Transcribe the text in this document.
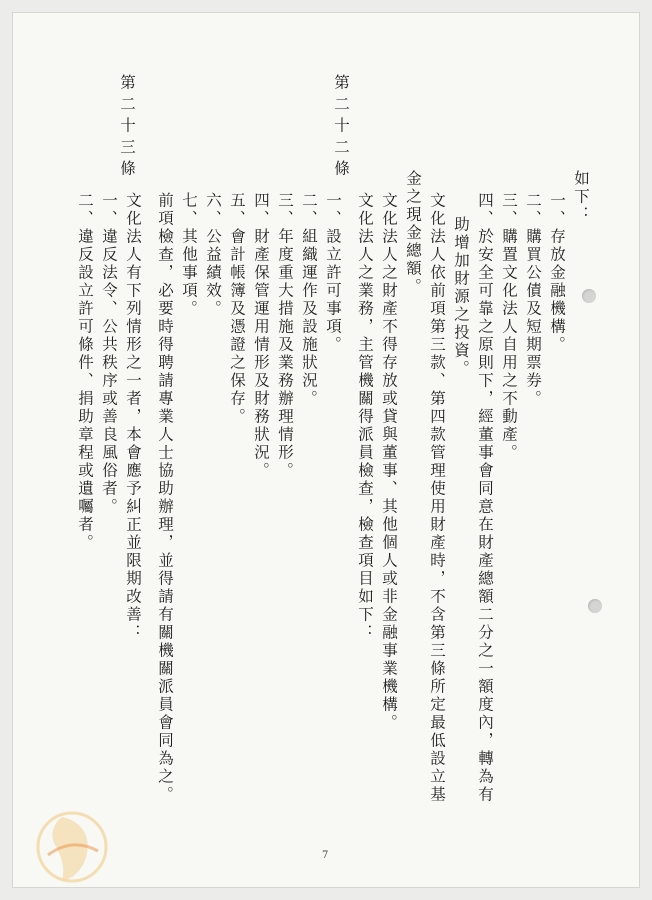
第二十二條
第二十三條
如下：
一、存放金融機構。
二、購買公債及短期票券。
三、購置文化法人自用之不動產。
四、於安全可靠之原則下，經董事會同意在財產總額二分之一額度內，轉為有
助增加財源之投資。
文化法人依前項第三款、第四款管理使用財產時，不含第三條所定最低設立基
金之現金總額。
文化法人之財產不得存放或貸與董事、其他個人或非金融事業機構。
文化法人之業務，主管機關得派員檢查，檢查項目如下：
一、設立許可事項。
二、組織運作及設施狀況。
三、年度重大措施及業務辦理情形。
四、財產保管運用情形及財務狀況。
五、會計帳簿及憑證之保存。
六、公益績效。
七、其他事項。
前項檢查，必要時得聘請專業人士協助辦理，並得請有關機關派員會同為之。
文化法人有下列情形之一者，本會應予糾正並限期改善：
一、違反法令、公共秩序或善良風俗者。
二、違反設立許可條件、捐助章程或遺囑者。
7
